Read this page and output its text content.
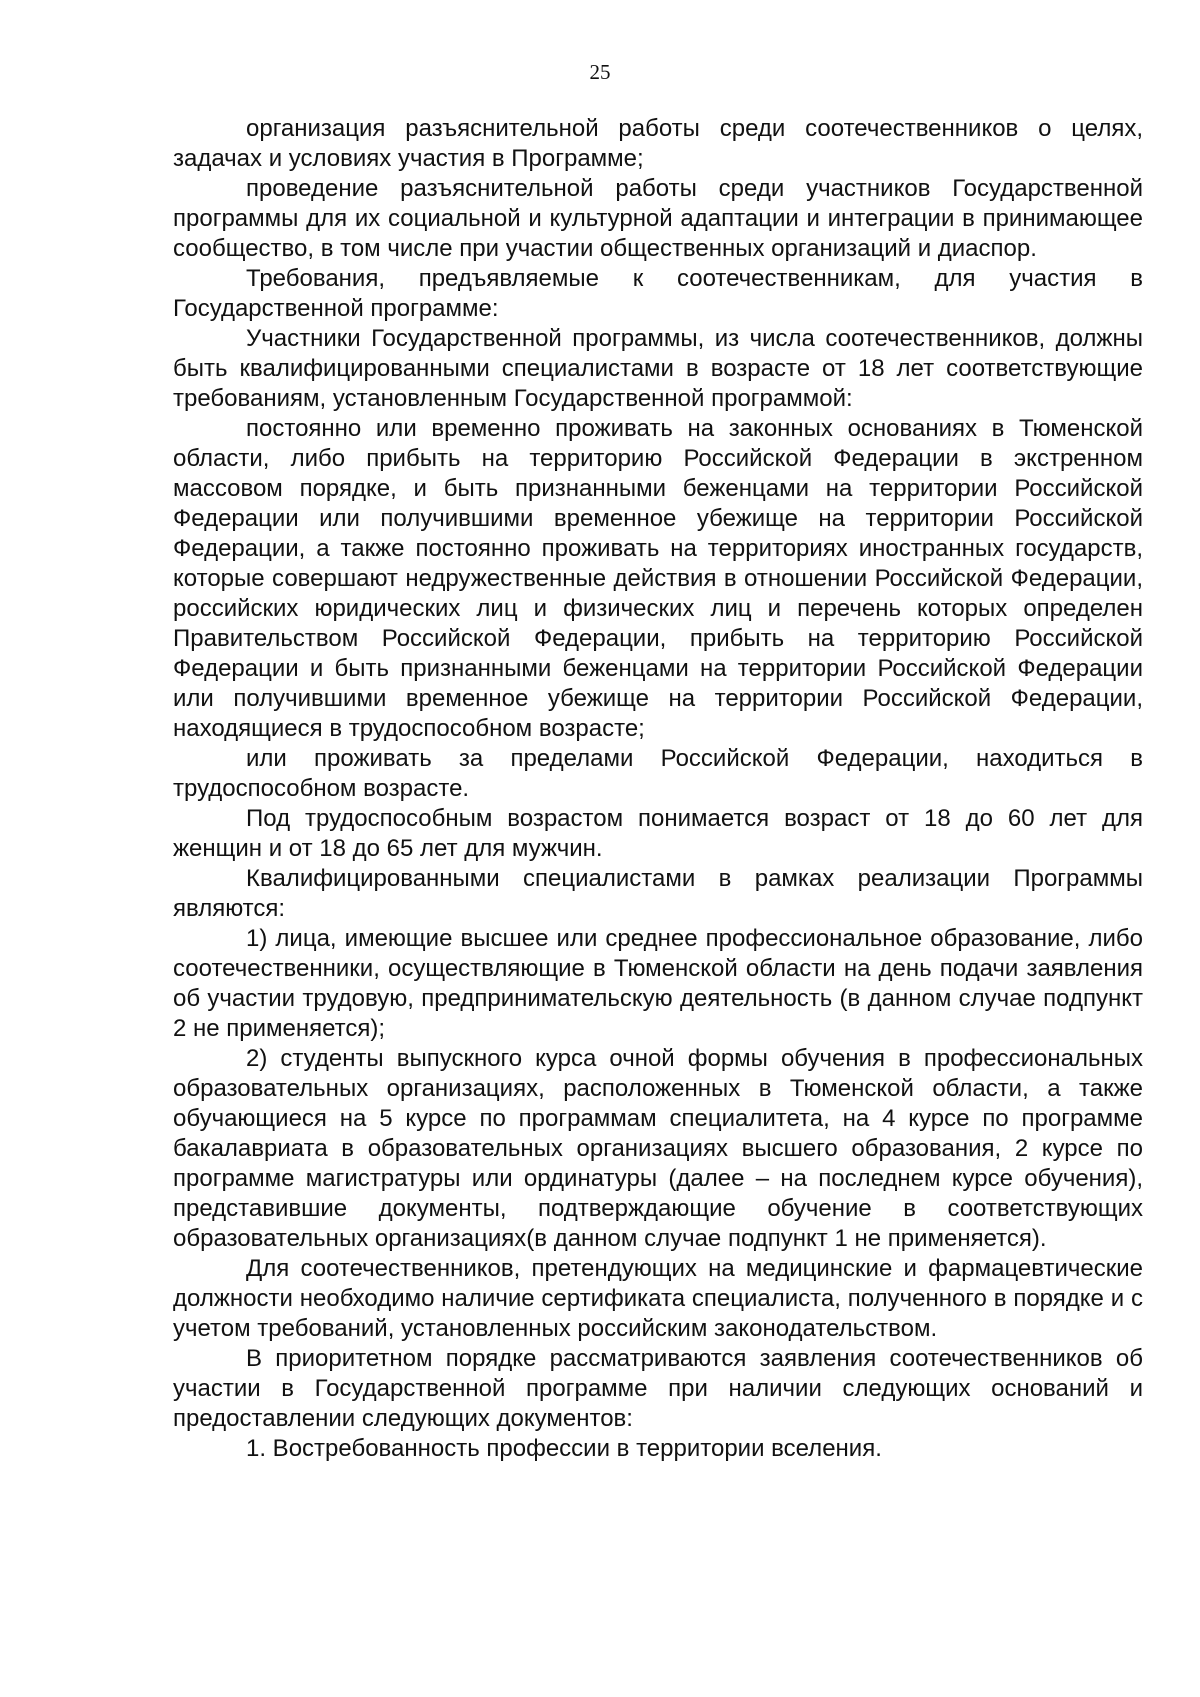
25

организация разъяснительной работы среди соотечественников о целях, задачах и условиях участия в Программе;

проведение разъяснительной работы среди участников Государственной программы для их социальной и культурной адаптации и интеграции в принимающее сообщество, в том числе при участии общественных организаций и диаспор.

Требования, предъявляемые к соотечественникам, для участия в Государственной программе:

Участники Государственной программы, из числа соотечественников, должны быть квалифицированными специалистами в возрасте от 18 лет соответствующие требованиям, установленным Государственной программой:

постоянно или временно проживать на законных основаниях в Тюменской области, либо прибыть на территорию Российской Федерации в экстренном массовом порядке, и быть признанными беженцами на территории Российской Федерации или получившими временное убежище на территории Российской Федерации, а также постоянно проживать на территориях иностранных государств, которые совершают недружественные действия в отношении Российской Федерации, российских юридических лиц и физических лиц и перечень которых определен Правительством Российской Федерации, прибыть на территорию Российской Федерации и быть признанными беженцами на территории Российской Федерации или получившими временное убежище на территории Российской Федерации, находящиеся в трудоспособном возрасте;

или проживать за пределами Российской Федерации, находиться в трудоспособном возрасте.

Под трудоспособным возрастом понимается возраст от 18 до 60 лет для женщин и от 18 до 65 лет для мужчин.

Квалифицированными специалистами в рамках реализации Программы являются:

1) лица, имеющие высшее или среднее профессиональное образование, либо соотечественники, осуществляющие в Тюменской области на день подачи заявления об участии трудовую, предпринимательскую деятельность (в данном случае подпункт 2 не применяется);

2) студенты выпускного курса очной формы обучения в профессиональных образовательных организациях, расположенных в Тюменской области, а также обучающиеся на 5 курсе по программам специалитета, на 4 курсе по программе бакалавриата в образовательных организациях высшего образования, 2 курсе по программе магистратуры или ординатуры (далее – на последнем курсе обучения), представившие документы, подтверждающие обучение в соответствующих образовательных организациях(в данном случае подпункт 1 не применяется).

Для соотечественников, претендующих на медицинские и фармацевтические должности необходимо наличие сертификата специалиста, полученного в порядке и с учетом требований, установленных российским законодательством.

В приоритетном порядке рассматриваются заявления соотечественников об участии в Государственной программе при наличии следующих оснований и предоставлении следующих документов:

1. Востребованность профессии в территории вселения.
